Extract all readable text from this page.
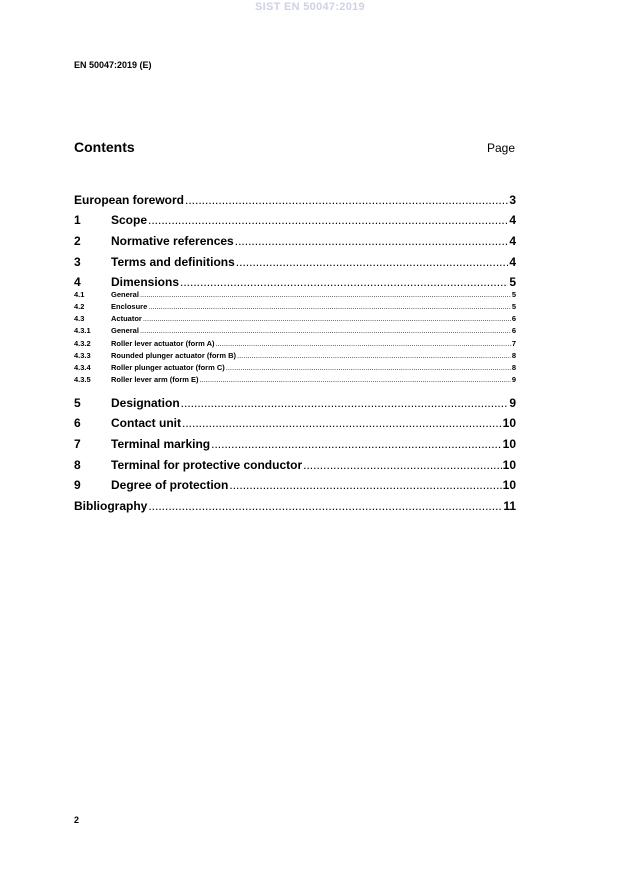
SIST EN 50047:2019
EN 50047:2019 (E)
Contents	Page
European foreword .....	3
1	Scope .....	4
2	Normative references .....	4
3	Terms and definitions .....	4
4	Dimensions .....	5
4.1	General .....	5
4.2	Enclosure .....	5
4.3	Actuator .....	6
4.3.1	General .....	6
4.3.2	Roller lever actuator (form A) .....	7
4.3.3	Rounded plunger actuator (form B) .....	8
4.3.4	Roller plunger actuator (form C) .....	8
4.3.5	Roller lever arm (form E) .....	9
5	Designation .....	9
6	Contact unit .....	10
7	Terminal marking .....	10
8	Terminal for protective conductor .....	10
9	Degree of protection .....	10
Bibliography .....	11
2
